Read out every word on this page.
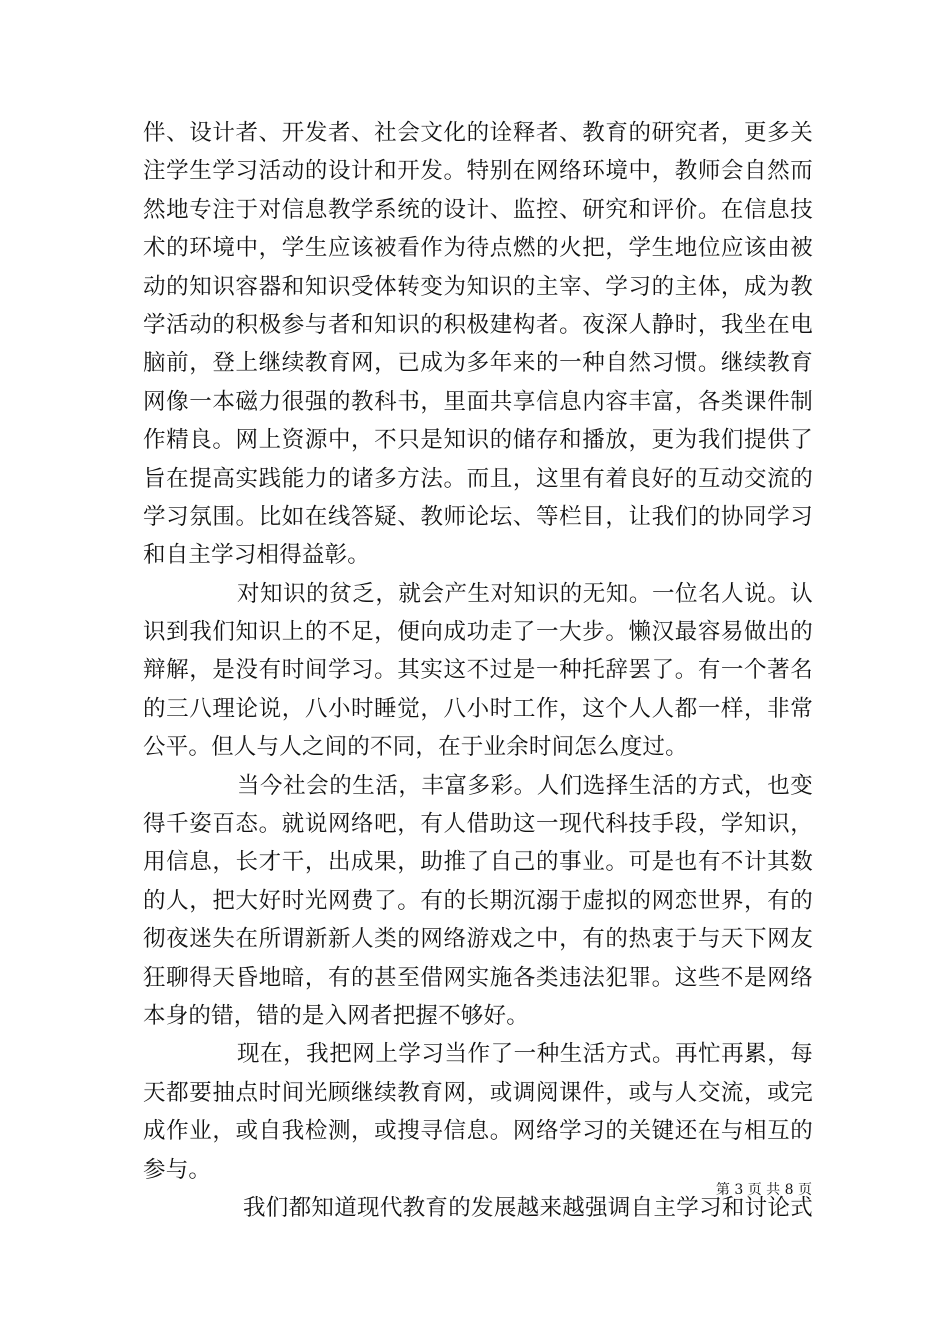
伴、设计者、开发者、社会文化的诠释者、教育的研究者，更多关
注学生学习活动的设计和开发。特别在网络环境中，教师会自然而
然地专注于对信息教学系统的设计、监控、研究和评价。在信息技
术的环境中，学生应该被看作为待点燃的火把，学生地位应该由被
动的知识容器和知识受体转变为知识的主宰、学习的主体，成为教
学活动的积极参与者和知识的积极建构者。夜深人静时，我坐在电
脑前，登上继续教育网，已成为多年来的一种自然习惯。继续教育
网像一本磁力很强的教科书，里面共享信息内容丰富，各类课件制
作精良。网上资源中，不只是知识的储存和播放，更为我们提供了
旨在提高实践能力的诸多方法。而且，这里有着良好的互动交流的
学习氛围。比如在线答疑、教师论坛、等栏目，让我们的协同学习
和自主学习相得益彰。
对知识的贫乏，就会产生对知识的无知。一位名人说。认
识到我们知识上的不足，便向成功走了一大步。懒汉最容易做出的
辩解，是没有时间学习。其实这不过是一种托辞罢了。有一个著名
的三八理论说，八小时睡觉，八小时工作，这个人人都一样，非常
公平。但人与人之间的不同，在于业余时间怎么度过。
当今社会的生活，丰富多彩。人们选择生活的方式，也变
得千姿百态。就说网络吧，有人借助这一现代科技手段，学知识，
用信息，长才干，出成果，助推了自己的事业。可是也有不计其数
的人，把大好时光网费了。有的长期沉溺于虚拟的网恋世界，有的
彻夜迷失在所谓新新人类的网络游戏之中，有的热衷于与天下网友
狂聊得天昏地暗，有的甚至借网实施各类违法犯罪。这些不是网络
本身的错，错的是入网者把握不够好。
现在，我把网上学习当作了一种生活方式。再忙再累，每
天都要抽点时间光顾继续教育网，或调阅课件，或与人交流，或完
成作业，或自我检测，或搜寻信息。网络学习的关键还在与相互的
参与。
我们都知道现代教育的发展越来越强调自主学习和讨论式
第 3 页 共 8 页
